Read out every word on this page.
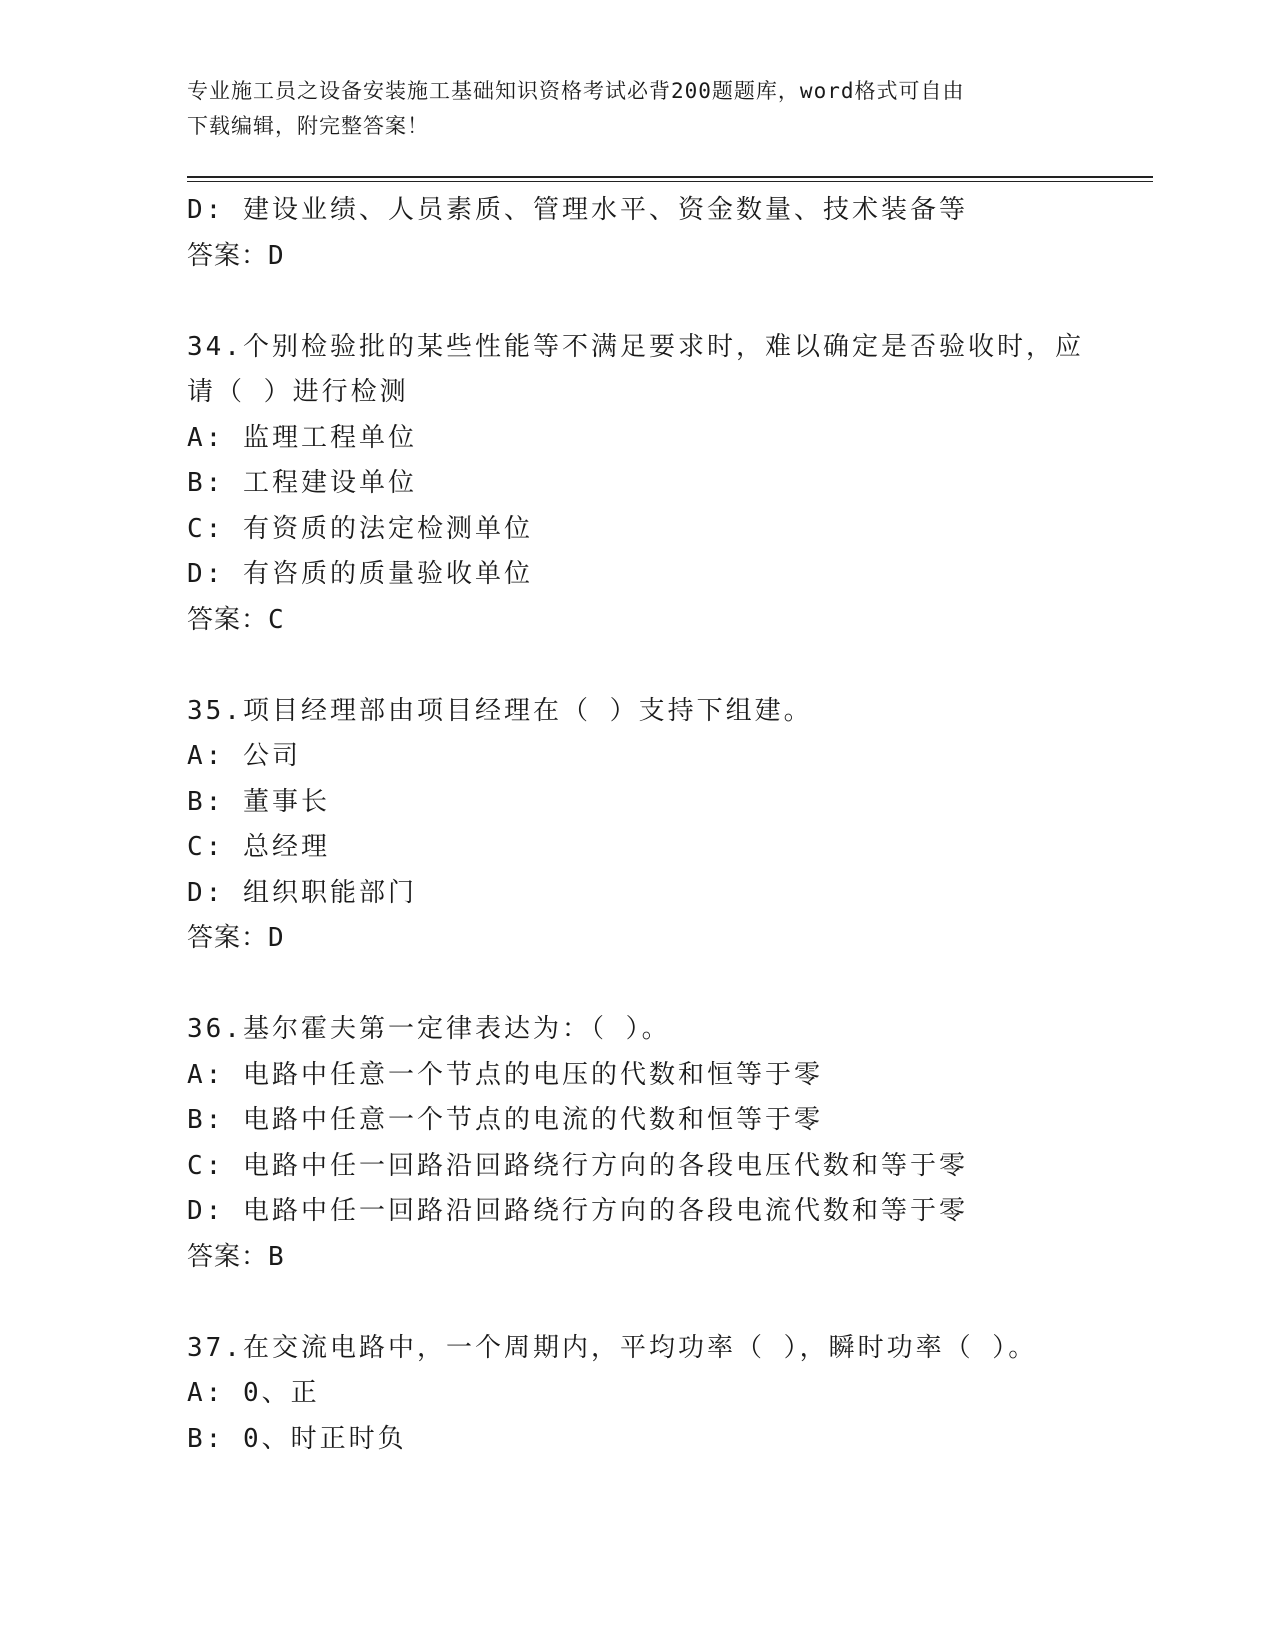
专业施工员之设备安装施工基础知识资格考试必背200题题库，word格式可自由
下载编辑，附完整答案！
D: 建设业绩、人员素质、管理水平、资金数量、技术装备等
答案：D
34.个别检验批的某些性能等不满足要求时，难以确定是否验收时，应
请（ ）进行检测
A: 监理工程单位
B: 工程建设单位
C: 有资质的法定检测单位
D: 有咨质的质量验收单位
答案：C
35.项目经理部由项目经理在（ ）支持下组建。
A: 公司
B: 董事长
C: 总经理
D: 组织职能部门
答案：D
36.基尔霍夫第一定律表达为：（ ）。
A: 电路中任意一个节点的电压的代数和恒等于零
B: 电路中任意一个节点的电流的代数和恒等于零
C: 电路中任一回路沿回路绕行方向的各段电压代数和等于零
D: 电路中任一回路沿回路绕行方向的各段电流代数和等于零
答案：B
37.在交流电路中，一个周期内，平均功率（ ），瞬时功率（ ）。
A: 0、正
B: 0、时正时负
